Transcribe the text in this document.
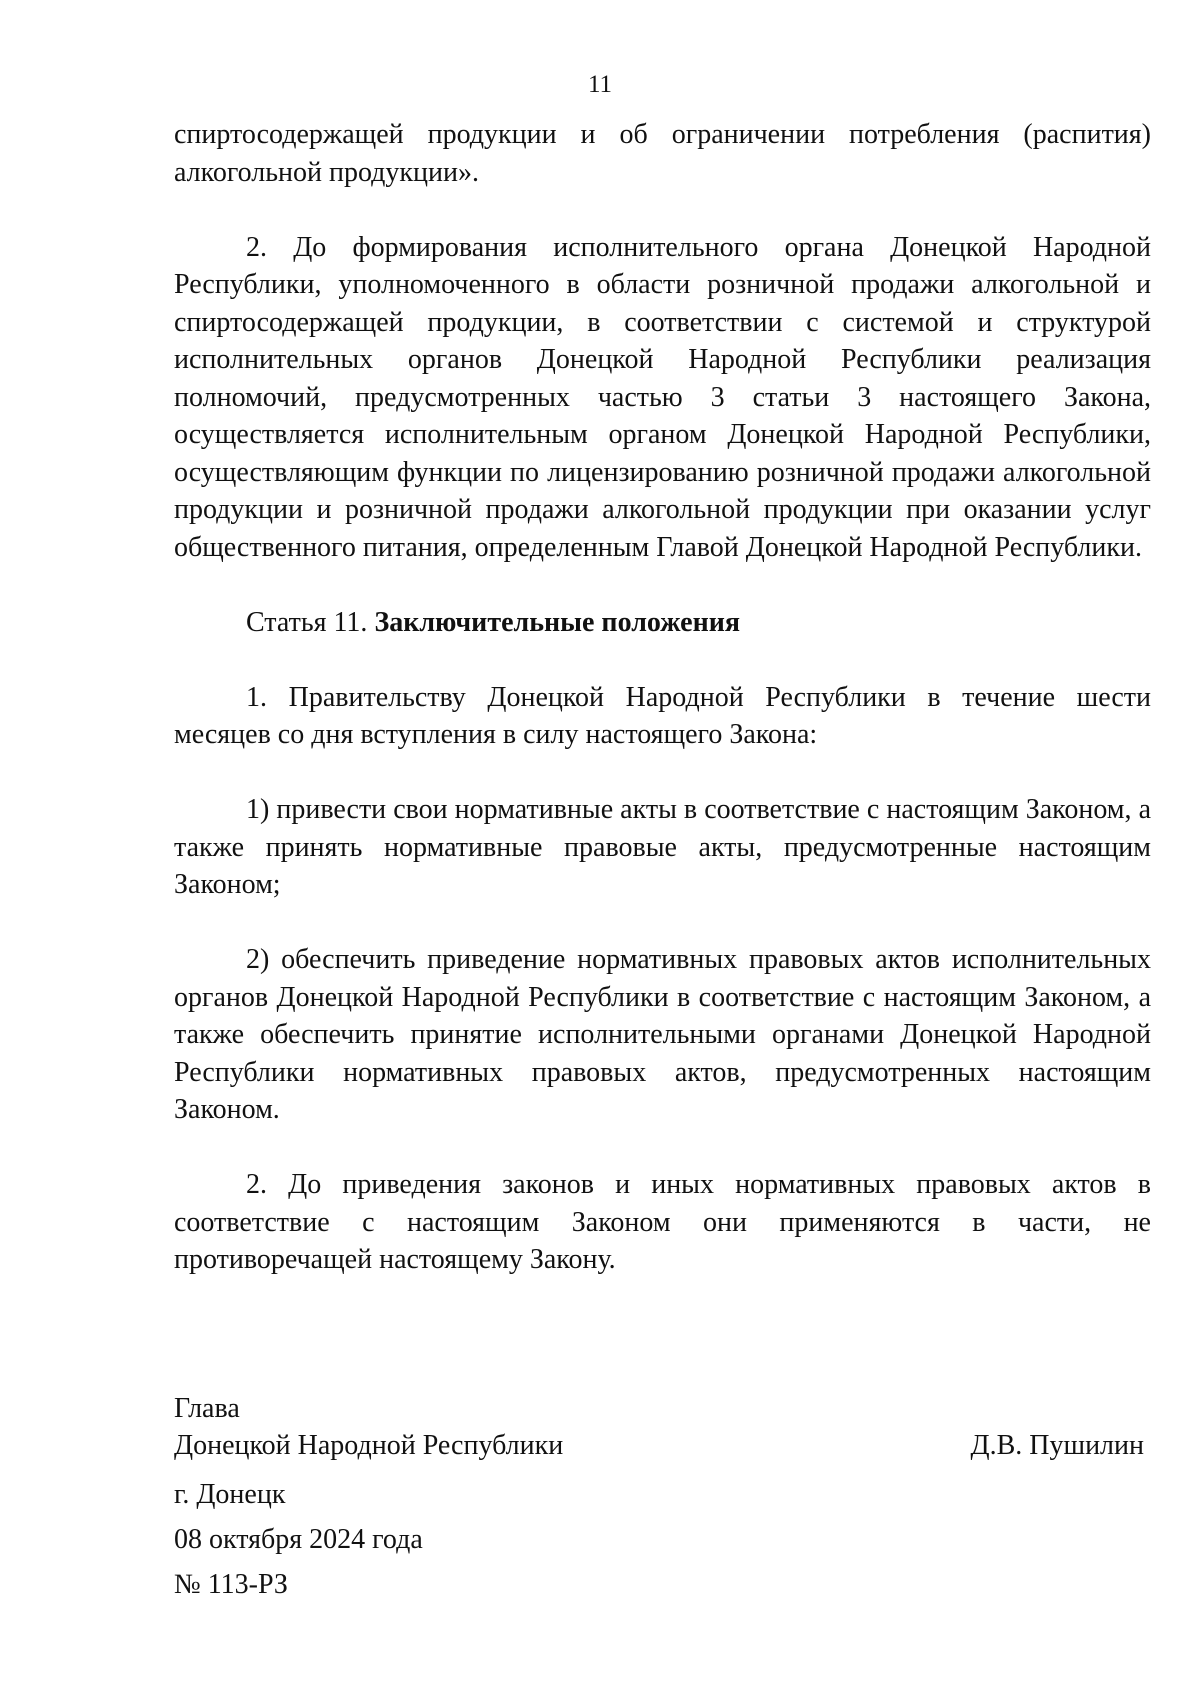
11

спиртосодержащей продукции и об ограничении потребления (распития) алкогольной продукции».

2. До формирования исполнительного органа Донецкой Народной Республики, уполномоченного в области розничной продажи алкогольной и спиртосодержащей продукции, в соответствии с системой и структурой исполнительных органов Донецкой Народной Республики реализация полномочий, предусмотренных частью 3 статьи 3 настоящего Закона, осуществляется исполнительным органом Донецкой Народной Республики, осуществляющим функции по лицензированию розничной продажи алкогольной продукции и розничной продажи алкогольной продукции при оказании услуг общественного питания, определенным Главой Донецкой Народной Республики.

Статья 11. Заключительные положения

1. Правительству Донецкой Народной Республики в течение шести месяцев со дня вступления в силу настоящего Закона:

1) привести свои нормативные акты в соответствие с настоящим Законом, а также принять нормативные правовые акты, предусмотренные настоящим Законом;

2) обеспечить приведение нормативных правовых актов исполнительных органов Донецкой Народной Республики в соответствие с настоящим Законом, а также обеспечить принятие исполнительными органами Донецкой Народной Республики нормативных правовых актов, предусмотренных настоящим Законом.

2. До приведения законов и иных нормативных правовых актов в соответствие с настоящим Законом они применяются в части, не противоречащей настоящему Закону.

Глава

Донецкой Народной Республики	Д.В. Пушилин
г. Донецк
08 октября 2024 года
№ 113-РЗ
